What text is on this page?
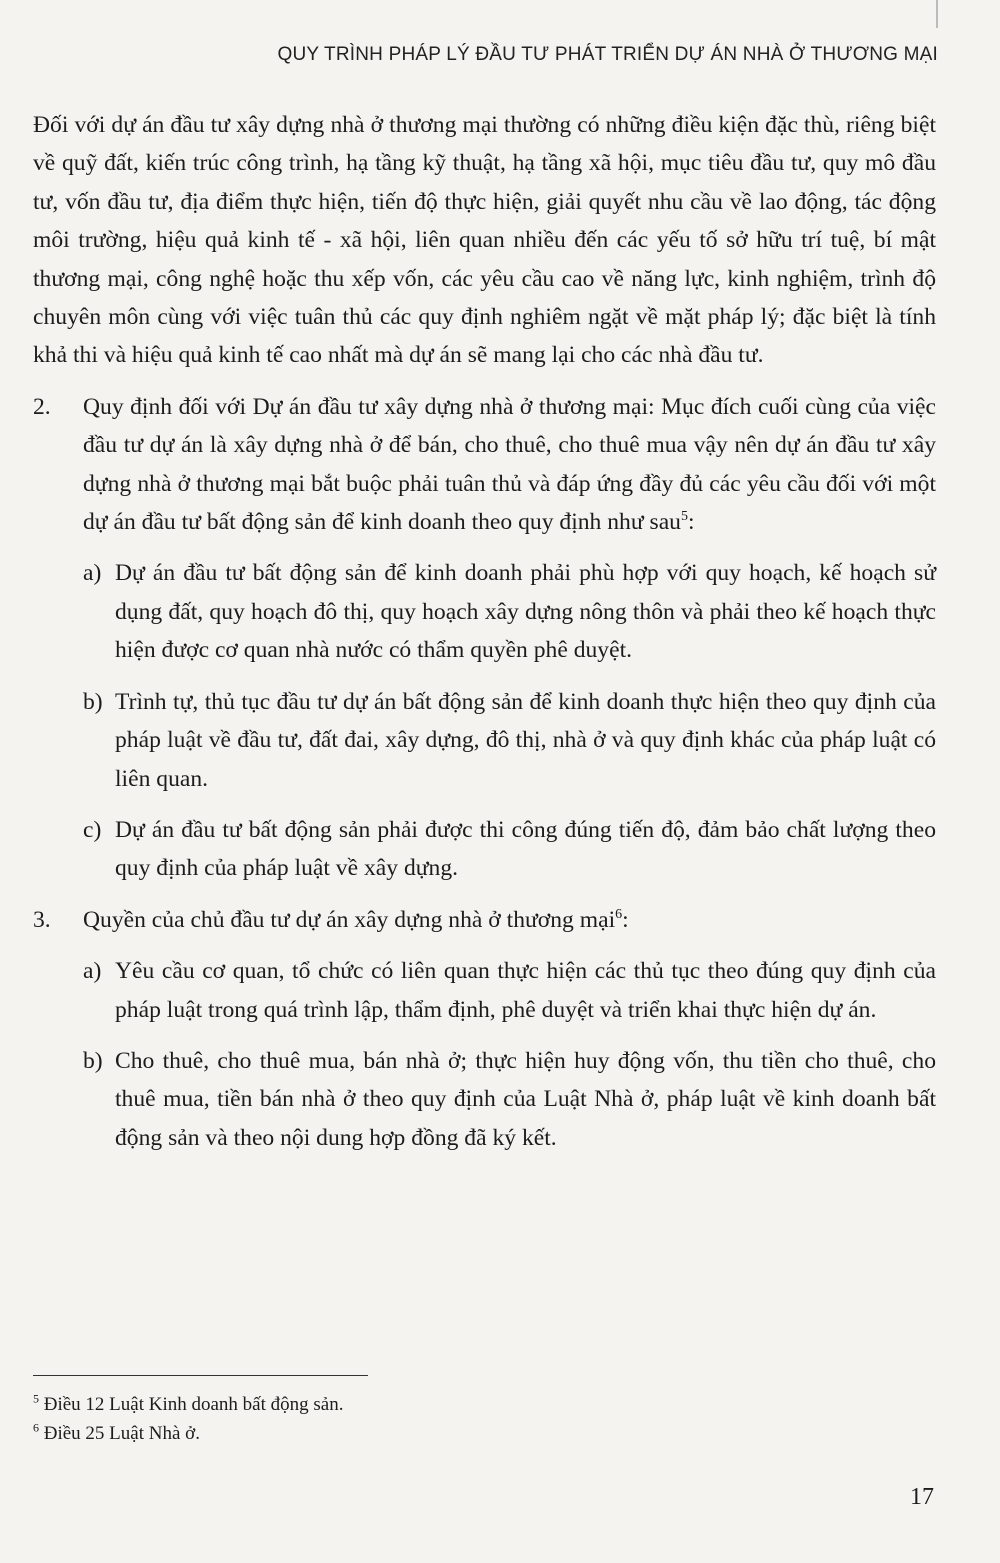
QUY TRÌNH PHÁP LÝ ĐẦU TƯ PHÁT TRIỂN DỰ ÁN NHÀ Ở THƯƠNG MẠI

Đối với dự án đầu tư xây dựng nhà ở thương mại thường có những điều kiện đặc thù, riêng biệt về quỹ đất, kiến trúc công trình, hạ tầng kỹ thuật, hạ tầng xã hội, mục tiêu đầu tư, quy mô đầu tư, vốn đầu tư, địa điểm thực hiện, tiến độ thực hiện, giải quyết nhu cầu về lao động, tác động môi trường, hiệu quả kinh tế - xã hội, liên quan nhiều đến các yếu tố sở hữu trí tuệ, bí mật thương mại, công nghệ hoặc thu xếp vốn, các yêu cầu cao về năng lực, kinh nghiệm, trình độ chuyên môn cùng với việc tuân thủ các quy định nghiêm ngặt về mặt pháp lý; đặc biệt là tính khả thi và hiệu quả kinh tế cao nhất mà dự án sẽ mang lại cho các nhà đầu tư.

2.	Quy định đối với Dự án đầu tư xây dựng nhà ở thương mại: Mục đích cuối cùng của việc đầu tư dự án là xây dựng nhà ở để bán, cho thuê, cho thuê mua vậy nên dự án đầu tư xây dựng nhà ở thương mại bắt buộc phải tuân thủ và đáp ứng đầy đủ các yêu cầu đối với một dự án đầu tư bất động sản để kinh doanh theo quy định như sau$^5$:
a) Dự án đầu tư bất động sản để kinh doanh phải phù hợp với quy hoạch, kế hoạch sử dụng đất, quy hoạch đô thị, quy hoạch xây dựng nông thôn và phải theo kế hoạch thực hiện được cơ quan nhà nước có thẩm quyền phê duyệt.
b) Trình tự, thủ tục đầu tư dự án bất động sản để kinh doanh thực hiện theo quy định của pháp luật về đầu tư, đất đai, xây dựng, đô thị, nhà ở và quy định khác của pháp luật có liên quan.
c) Dự án đầu tư bất động sản phải được thi công đúng tiến độ, đảm bảo chất lượng theo quy định của pháp luật về xây dựng.
3.	Quyền của chủ đầu tư dự án xây dựng nhà ở thương mại$^6$:
a) Yêu cầu cơ quan, tổ chức có liên quan thực hiện các thủ tục theo đúng quy định của pháp luật trong quá trình lập, thẩm định, phê duyệt và triển khai thực hiện dự án.
b) Cho thuê, cho thuê mua, bán nhà ở; thực hiện huy động vốn, thu tiền cho thuê, cho thuê mua, tiền bán nhà ở theo quy định của Luật Nhà ở, pháp luật về kinh doanh bất động sản và theo nội dung hợp đồng đã ký kết.
$^5$ Điều 12 Luật Kinh doanh bất động sản.
$^6$ Điều 25 Luật Nhà ở.
17
